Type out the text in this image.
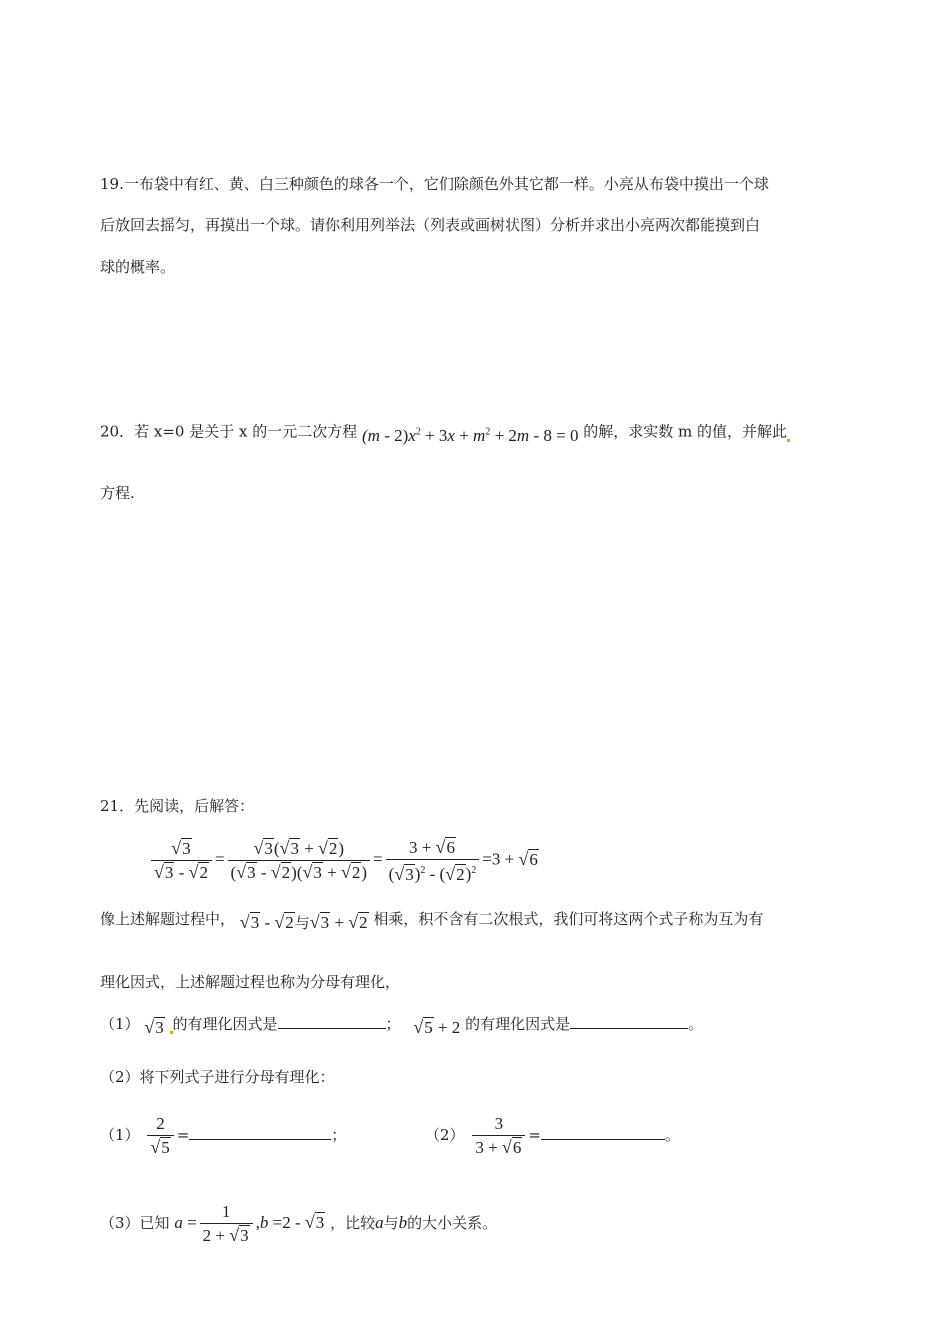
19.一布袋中有红、黄、白三种颜色的球各一个，它们除颜色外其它都一样。小亮从布袋中摸出一个球
后放回去摇匀，再摸出一个球。请你利用列举法（列表或画树状图）分析并求出小亮两次都能摸到白
球的概率。
20．若 x=0 是关于 x 的一元二次方程 $(m - 2)x^2 + 3x + m^2 + 2m - 8 = 0$ 的解，求实数 m 的值，并解此
方程.
21．先阅读，后解答：
$\frac{√3}{√3 - √2} = \frac{√3(√3 + √2)}{(√3 - √2)(√3 + √2)} = \frac{3 + √6}{(√3)^2 - (√2)^2} =3 + √6$
像上述解题过程中， √3 - √2与√3 + √2 相乘，积不含有二次根式，我们可将这两个式子称为互为有
理化因式，上述解题过程也称为分母有理化，
（1） √3 的有理化因式是	； √5 + 2 的有理化因式是	。
（2）将下列式子进行分母有理化：
$(1) \frac{2}{√5}$ =	；	$(2) \frac{3}{3 + √6}$ =	。
（3）已知 $a = \frac{1}{2 + √3} ,b =2 - √3$ ，比较a与b的大小关系。
